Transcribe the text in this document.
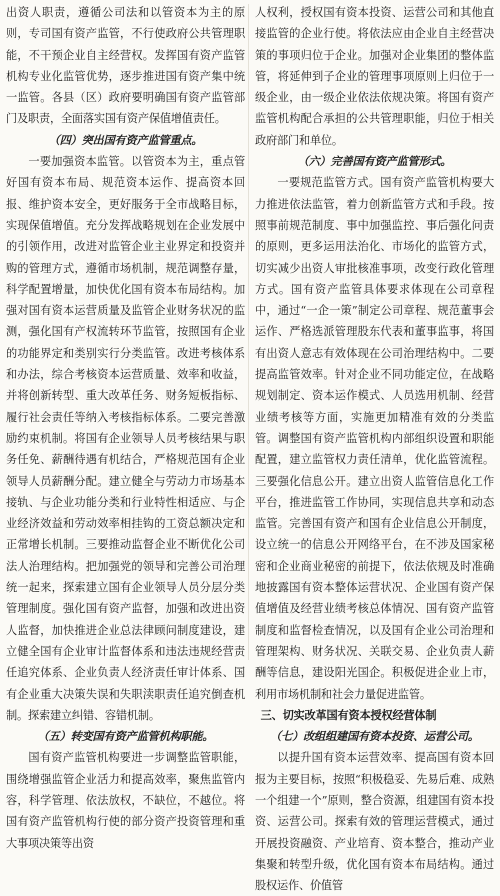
出资人职责，遵循公司法和以管资本为主的原则，专司国有资产监管，不行使政府公共管理职能，不干预企业自主经营权。发挥国有资产监管机构专业化监管优势，逐步推进国有资产集中统一监管。各县（区）政府要明确国有资产监管部门及职责，全面落实国有资产保值增值责任。

（四）突出国有资产监管重点。

一要加强资本监管。以管资本为主，重点管好国有资本布局、规范资本运作、提高资本回报、维护资本安全，更好服务于全市战略目标，实现保值增值。充分发挥战略规划在企业发展中的引领作用，改进对监管企业主业界定和投资并购的管理方式，遵循市场机制，规范调整存量，科学配置增量，加快优化国有资本布局结构。加强对国有资本运营质量及监管企业财务状况的监测，强化国有产权流转环节监管，按照国有企业的功能界定和类别实行分类监管。改进考核体系和办法，综合考核资本运营质量、效率和收益，并将创新转型、重大改革任务、财务短板指标、履行社会责任等纳入考核指标体系。二要完善激励约束机制。将国有企业领导人员考核结果与职务任免、薪酬待遇有机结合，严格规范国有企业领导人员薪酬分配。建立健全与劳动力市场基本接轨、与企业功能分类和行业特性相适应、与企业经济效益和劳动效率相挂钩的工资总额决定和正常增长机制。三要推动监督企业不断优化公司法人治理结构。把加强党的领导和完善公司治理统一起来，探索建立国有企业领导人员分层分类管理制度。强化国有资产监督，加强和改进出资人监督，加快推进企业总法律顾问制度建设，建立健全国有企业审计监督体系和违法违规经营责任追究体系、企业负责人经济责任审计体系、国有企业重大决策失误和失职渎职责任追究倒查机制。探索建立纠错、容错机制。

（五）转变国有资产监管机构职能。

国有资产监管机构要进一步调整监管职能，围绕增强监管企业活力和提高效率，聚焦监管内容，科学管理、依法放权，不缺位，不越位。将国有资产监管机构行使的部分资产投资管理和重大事项决策等出资

人权利，授权国有资本投资、运营公司和其他直接监管的企业行使。将依法应由企业自主经营决策的事项归位于企业。加强对企业集团的整体监管，将延伸到子企业的管理事项原则上归位于一级企业，由一级企业依法依规决策。将国有资产监管机构配合承担的公共管理职能，归位于相关政府部门和单位。

（六）完善国有资产监管形式。

一要规范监管方式。国有资产监管机构要大力推进依法监管，着力创新监管方式和手段。按照事前规范制度、事中加强监控、事后强化问责的原则，更多运用法治化、市场化的监管方式，切实减少出资人审批核准事项，改变行政化管理方式。国有资产监管具体要求体现在公司章程中，通过“一企一策”制定公司章程、规范董事会运作、严格选派管理股东代表和董事监事，将国有出资人意志有效体现在公司治理结构中。二要提高监管效率。针对企业不同功能定位，在战略规划制定、资本运作模式、人员选用机制、经营业绩考核等方面，实施更加精准有效的分类监管。调整国有资产监管机构内部组织设置和职能配置，建立监管权力责任清单，优化监管流程。三要强化信息公开。建立出资人监管信息化工作平台，推进监管工作协同，实现信息共享和动态监管。完善国有资产和国有企业信息公开制度，设立统一的信息公开网络平台，在不涉及国家秘密和企业商业秘密的前提下，依法依规及时准确地披露国有资本整体运营状况、企业国有资产保值增值及经营业绩考核总体情况、国有资产监管制度和监督检查情况，以及国有企业公司治理和管理架构、财务状况、关联交易、企业负责人薪酬等信息，建设阳光国企。积极促进企业上市，利用市场机制和社会力量促进监管。

三、切实改革国有资本授权经营体制

（七）改组组建国有资本投资、运营公司。

以提升国有资本运营效率、提高国有资本回报为主要目标，按照“积极稳妥、先易后难、成熟一个组建一个”原则，整合资源，组建国有资本投资、运营公司。探索有效的管理运营模式，通过开展投资融资、产业培育、资本整合，推动产业集聚和转型升级，优化国有资本布局结构。通过股权运作、价值管
